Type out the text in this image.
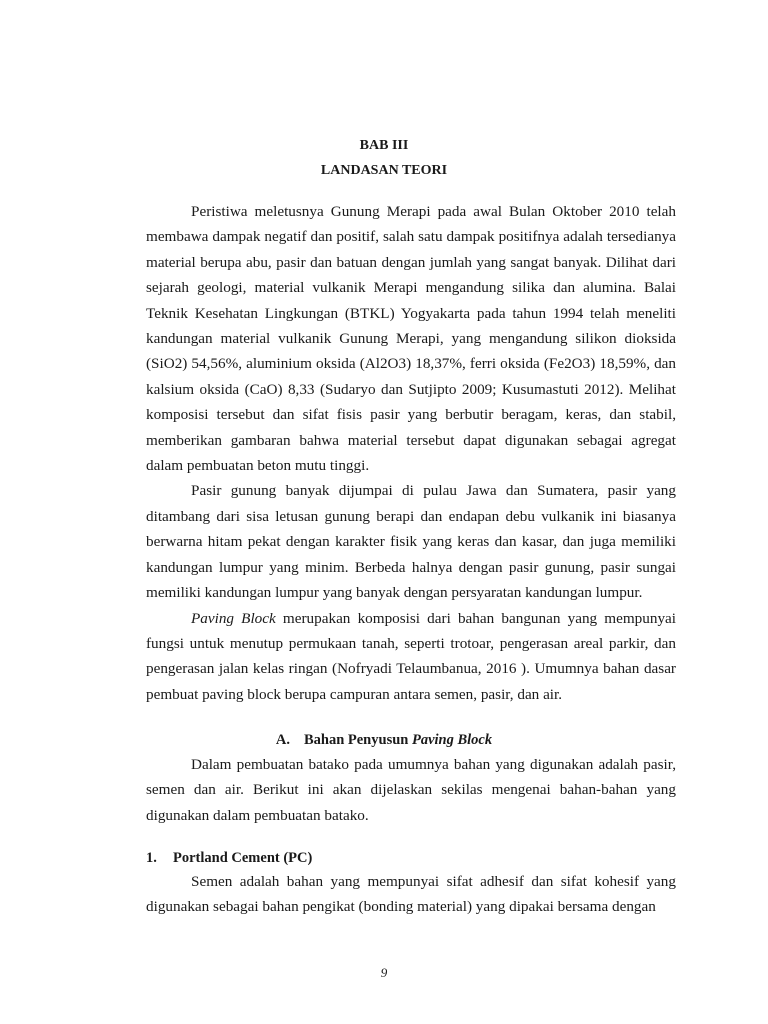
BAB III
LANDASAN TEORI

Peristiwa meletusnya Gunung Merapi pada awal Bulan Oktober 2010 telah membawa dampak negatif dan positif, salah satu dampak positifnya adalah tersedianya material berupa abu, pasir dan batuan dengan jumlah yang sangat banyak. Dilihat dari sejarah geologi, material vulkanik Merapi mengandung silika dan alumina. Balai Teknik Kesehatan Lingkungan (BTKL) Yogyakarta pada tahun 1994 telah meneliti kandungan material vulkanik Gunung Merapi, yang mengandung silikon dioksida (SiO2) 54,56%, aluminium oksida (Al2O3) 18,37%, ferri oksida (Fe2O3) 18,59%, dan kalsium oksida (CaO) 8,33 (Sudaryo dan Sutjipto 2009; Kusumastuti 2012). Melihat komposisi tersebut dan sifat fisis pasir yang berbutir beragam, keras, dan stabil, memberikan gambaran bahwa material tersebut dapat digunakan sebagai agregat dalam pembuatan beton mutu tinggi.

Pasir gunung banyak dijumpai di pulau Jawa dan Sumatera, pasir yang ditambang dari sisa letusan gunung berapi dan endapan debu vulkanik ini biasanya berwarna hitam pekat dengan karakter fisik yang keras dan kasar, dan juga memiliki kandungan lumpur yang minim. Berbeda halnya dengan pasir gunung, pasir sungai memiliki kandungan lumpur yang banyak dengan persyaratan kandungan lumpur.

Paving Block merupakan komposisi dari bahan bangunan yang mempunyai fungsi untuk menutup permukaan tanah, seperti trotoar, pengerasan areal parkir, dan pengerasan jalan kelas ringan (Nofryadi Telaumbanua, 2016 ). Umumnya bahan dasar pembuat paving block berupa campuran antara semen, pasir, dan air.

A. Bahan Penyusun Paving Block

Dalam pembuatan batako pada umumnya bahan yang digunakan adalah pasir, semen dan air. Berikut ini akan dijelaskan sekilas mengenai bahan-bahan yang digunakan dalam pembuatan batako.

1. Portland Cement (PC)

Semen adalah bahan yang mempunyai sifat adhesif dan sifat kohesif yang digunakan sebagai bahan pengikat (bonding material) yang dipakai bersama dengan

9
